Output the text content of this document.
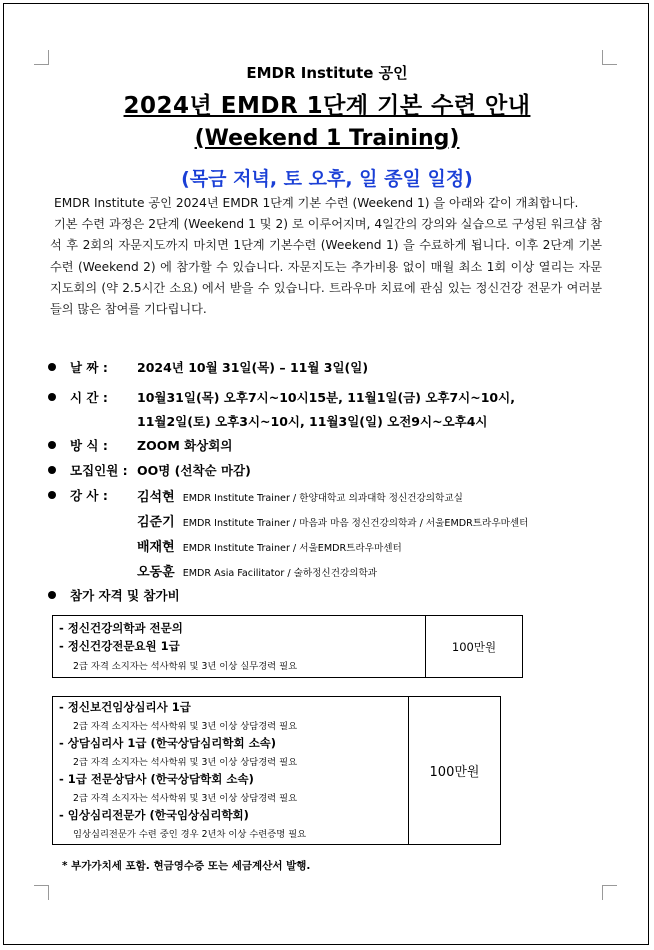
EMDR Institute 공인
2024년 EMDR 1단계 기본 수련 안내
(Weekend 1 Training)
(목금 저녁, 토 오후, 일 종일 일정)

EMDR Institute 공인 2024년 EMDR 1단계 기본 수련 (Weekend 1) 을 아래와 같이 개최합니다.

기본 수련 과정은 2단계 (Weekend 1 및 2) 로 이루어지며, 4일간의 강의와 실습으로 구성된 워크샵 참석 후 2회의 자문지도까지 마치면 1단계 기본수련 (Weekend 1) 을 수료하게 됩니다. 이후 2단계 기본 수련 (Weekend 2) 에 참가할 수 있습니다. 자문지도는 추가비용 없이 매월 최소 1회 이상 열리는 자문지도회의 (약 2.5시간 소요) 에서 받을 수 있습니다. 트라우마 치료에 관심 있는 정신건강 전문가 여러분들의 많은 참여를 기다립니다.

날 짜 : 2024년 10월 31일(목) – 11월 3일(일)
시 간 : 10월31일(목) 오후7시~10시15분, 11월1일(금) 오후7시~10시,
11월2일(토) 오후3시~10시, 11월3일(일) 오전9시~오후4시
방 식 : ZOOM 화상회의
모집인원 : OO명 (선착순 마감)
강 사 : 김석현 EMDR Institute Trainer / 한양대학교 의과대학 정신건강의학교실
김준기 EMDR Institute Trainer / 마음과 마음 정신건강의학과 / 서울EMDR트라우마센터
배재현 EMDR Institute Trainer / 서울EMDR트라우마센터
오동훈 EMDR Asia Facilitator / 술하정신건강의학과
참가 자격 및 참가비
- 정신건강의학과 전문의
- 정신건강전문요원 1급
2급 자격 소지자는 석사학위 및 3년 이상 실무경력 필요
100만원
- 정신보건임상심리사 1급
2급 자격 소지자는 석사학위 및 3년 이상 상담경력 필요
- 상담심리사 1급 (한국상담심리학회 소속)
2급 자격 소지자는 석사학위 및 3년 이상 상담경력 필요
- 1급 전문상담사 (한국상담학회 소속)
2급 자격 소지자는 석사학위 및 3년 이상 상담경력 필요
- 임상심리전문가 (한국임상심리학회)
임상심리전문가 수련 중인 경우 2년차 이상 수련증명 필요
100만원
* 부가가치세 포함. 현금영수증 또는 세금계산서 발행.
